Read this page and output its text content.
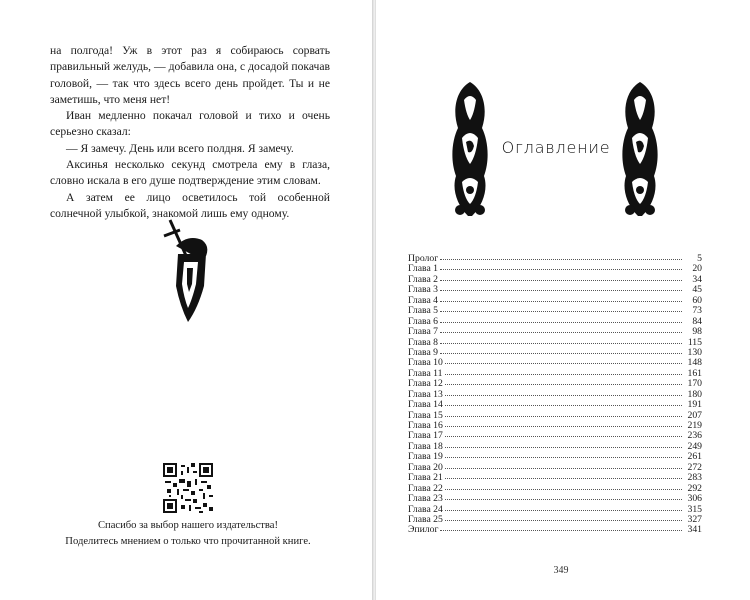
на полгода! Уж в этот раз я собираюсь сорвать правильный желудь, — добавила она, с досадой покачав головой, — так что здесь всего день пройдет. Ты и не заметишь, что меня нет!

Иван медленно покачал головой и тихо и очень серьезно сказал:

— Я замечу. День или всего полдня. Я замечу.

Аксинья несколько секунд смотрела ему в глаза, словно искала в его душе подтверждение этим словам.

А затем ее лицо осветилось той особенной солнечной улыбкой, знакомой лишь ему одному.

Спасибо за выбор нашего издательства!
Поделитесь мнением о только что прочитанной книге.
Оглавление
Пролог	5
Глава 1	20
Глава 2	34
Глава 3	45
Глава 4	60
Глава 5	73
Глава 6	84
Глава 7	98
Глава 8	115
Глава 9	130
Глава 10	148
Глава 11	161
Глава 12	170
Глава 13	180
Глава 14	191
Глава 15	207
Глава 16	219
Глава 17	236
Глава 18	249
Глава 19	261
Глава 20	272
Глава 21	283
Глава 22	292
Глава 23	306
Глава 24	315
Глава 25	327
Эпилог	341
349
